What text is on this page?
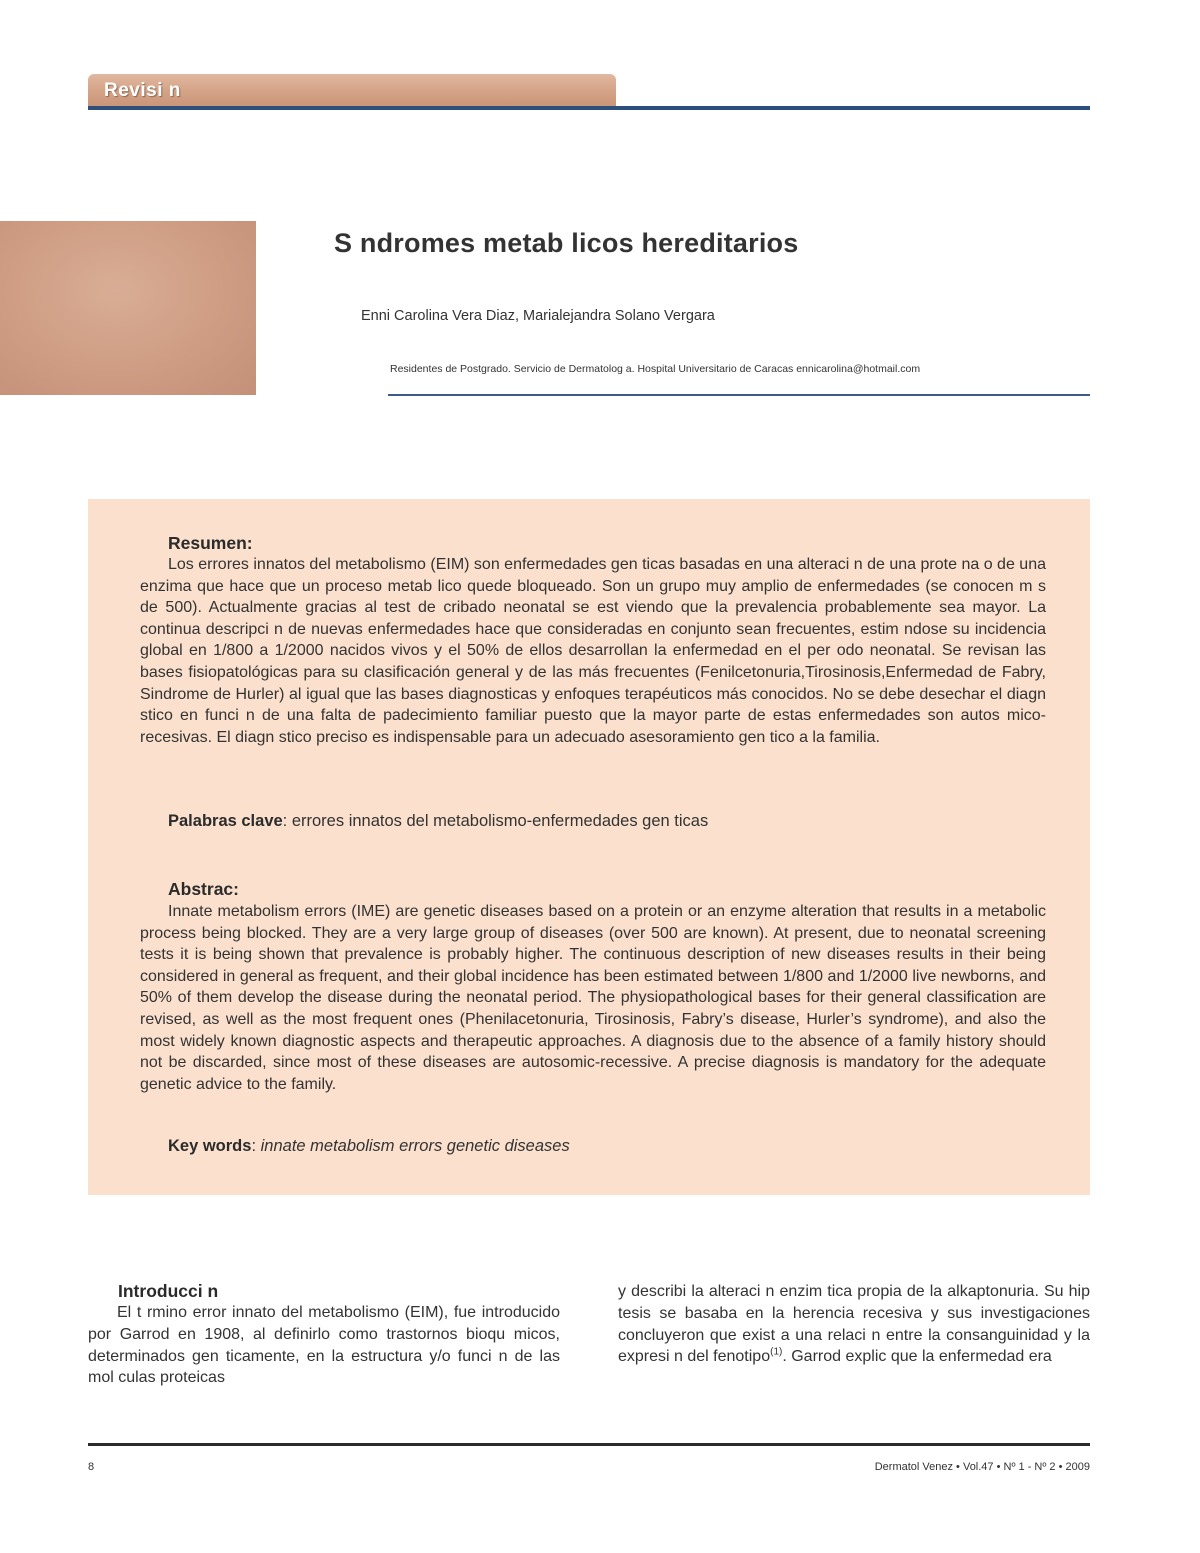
Revisi n
S ndromes metab licos hereditarios
Enni Carolina Vera Diaz, Marialejandra Solano Vergara
Residentes de Postgrado. Servicio de Dermatolog a. Hospital Universitario de Caracas ennicarolina@hotmail.com
Resumen:
Los errores innatos del metabolismo (EIM) son enfermedades gen ticas basadas en una alteraci n de una prote na o de una enzima que hace que un proceso metab lico quede bloqueado. Son un grupo muy amplio de enfermedades (se conocen m s de 500). Actualmente gracias al test de cribado neonatal se est viendo que la prevalencia probablemente sea mayor. La continua descripci n de nuevas enfermedades hace que consideradas en conjunto sean frecuentes, estim ndose su incidencia global en 1/800 a 1/2000 nacidos vivos y el 50% de ellos desarrollan la enfermedad en el per odo neonatal. Se revisan las bases fisiopatológicas para su clasificación general y de las más frecuentes (Fenilcetonuria,Tirosinosis,Enfermedad de Fabry, Sindrome de Hurler) al igual que las bases diagnosticas y enfoques terapéuticos más conocidos. No se debe desechar el diagn stico en funci n de una falta de padecimiento familiar puesto que la mayor parte de estas enfermedades son autos mico-recesivas. El diagn stico preciso es indispensable para un adecuado asesoramiento gen tico a la familia.
Palabras clave: errores innatos del metabolismo-enfermedades gen ticas
Abstrac:
Innate metabolism errors (IME) are genetic diseases based on a protein or an enzyme alteration that results in a metabolic process being blocked. They are a very large group of diseases (over 500 are known). At present, due to neonatal screening tests it is being shown that prevalence is probably higher. The continuous description of new diseases results in their being considered in general as frequent, and their global incidence has been estimated between 1/800 and 1/2000 live newborns, and 50% of them develop the disease during the neonatal period. The physiopathological bases for their general classification are revised, as well as the most frequent ones (Phenilacetonuria, Tirosinosis, Fabry’s disease, Hurler’s syndrome), and also the most widely known diagnostic aspects and therapeutic approaches. A diagnosis due to the absence of a family history should not be discarded, since most of these diseases are autosomic-recessive. A precise diagnosis is mandatory for the adequate genetic advice to the family.
Key words: innate metabolism errors genetic diseases
Introducci n
El t rmino error innato del metabolismo (EIM), fue introducido por Garrod en 1908, al definirlo como trastornos bioqu micos, determinados gen ticamente, en la estructura y/o funci n de las mol culas proteicas
y describi la alteraci n enzim tica propia de la alkaptonuria. Su hip tesis se basaba en la herencia recesiva y sus investigaciones concluyeron que exist a una relaci n entre la consanguinidad y la expresi n del fenotipo$^{(1)}$. Garrod explic que la enfermedad era
8	Dermatol Venez • Vol.47 • Nº 1 - Nº 2 • 2009
